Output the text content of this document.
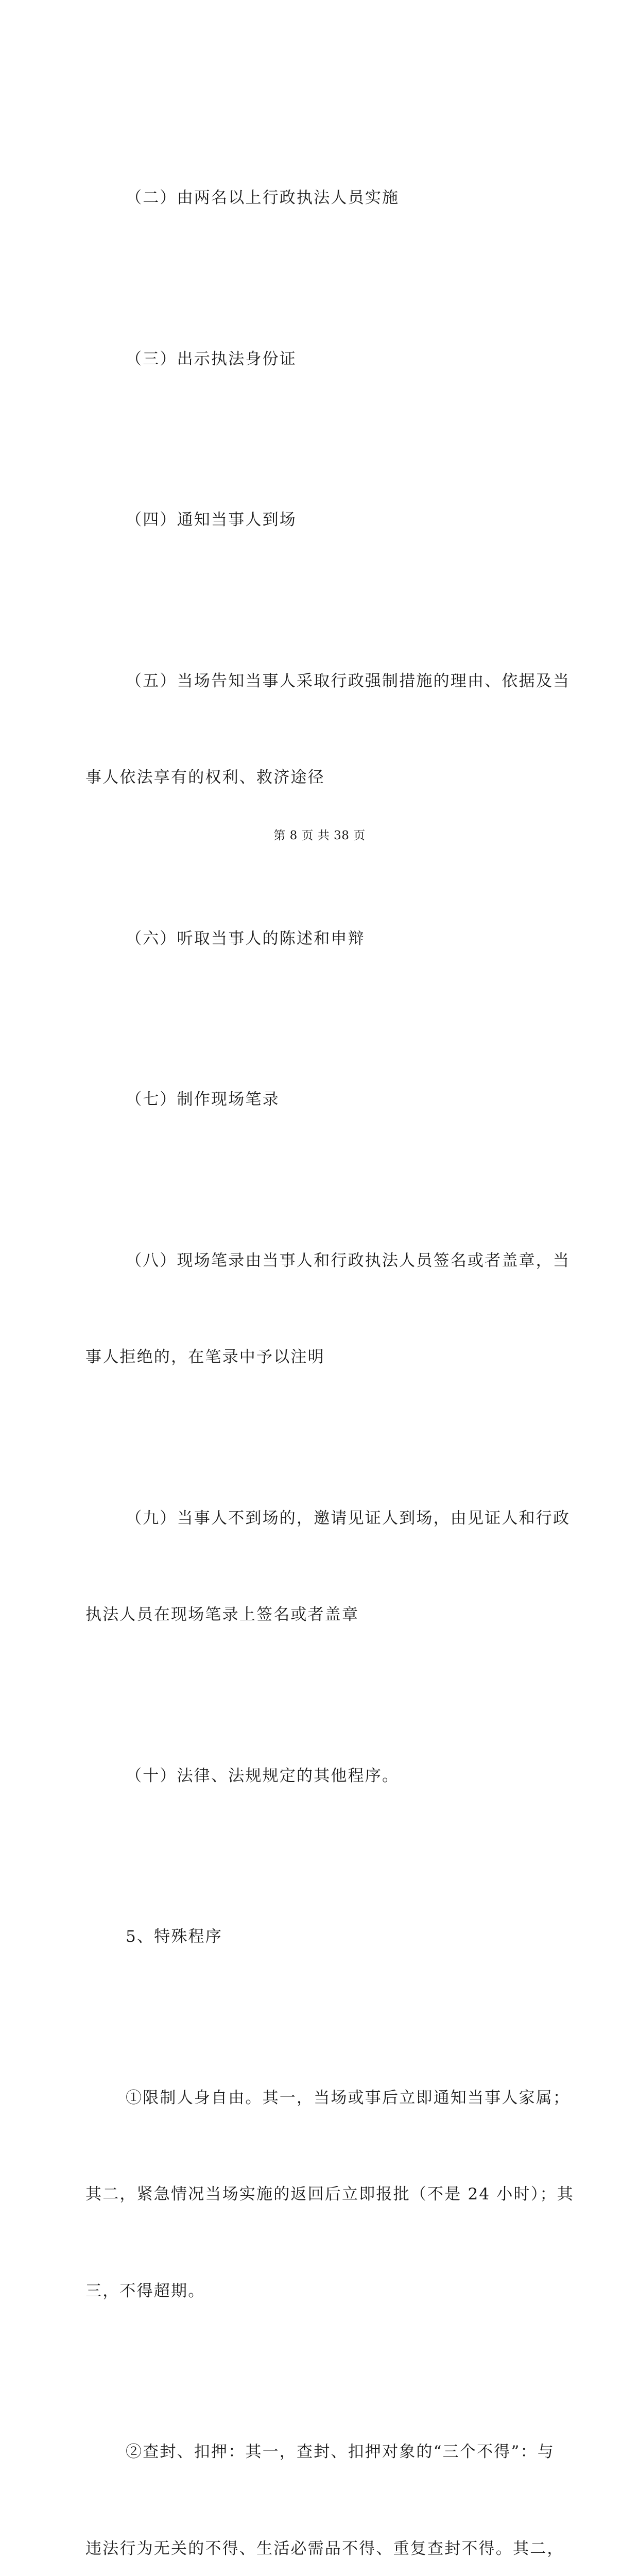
（二）由两名以上行政执法人员实施

（三）出示执法身份证

（四）通知当事人到场

（五）当场告知当事人采取行政强制措施的理由、依据及当

事人依法享有的权利、救济途径

（六）听取当事人的陈述和申辩

（七）制作现场笔录

（八）现场笔录由当事人和行政执法人员签名或者盖章，当

事人拒绝的，在笔录中予以注明

（九）当事人不到场的，邀请见证人到场，由见证人和行政

执法人员在现场笔录上签名或者盖章

（十）法律、法规规定的其他程序。

5、特殊程序

①限制人身自由。其一，当场或事后立即通知当事人家属；

其二，紧急情况当场实施的返回后立即报批（不是 24 小时）；其

三，不得超期。

②查封、扣押：其一，查封、扣押对象的“三个不得”：与

违法行为无关的不得、生活必需品不得、重复查封不得。其二，

第 8 页 共 38 页
